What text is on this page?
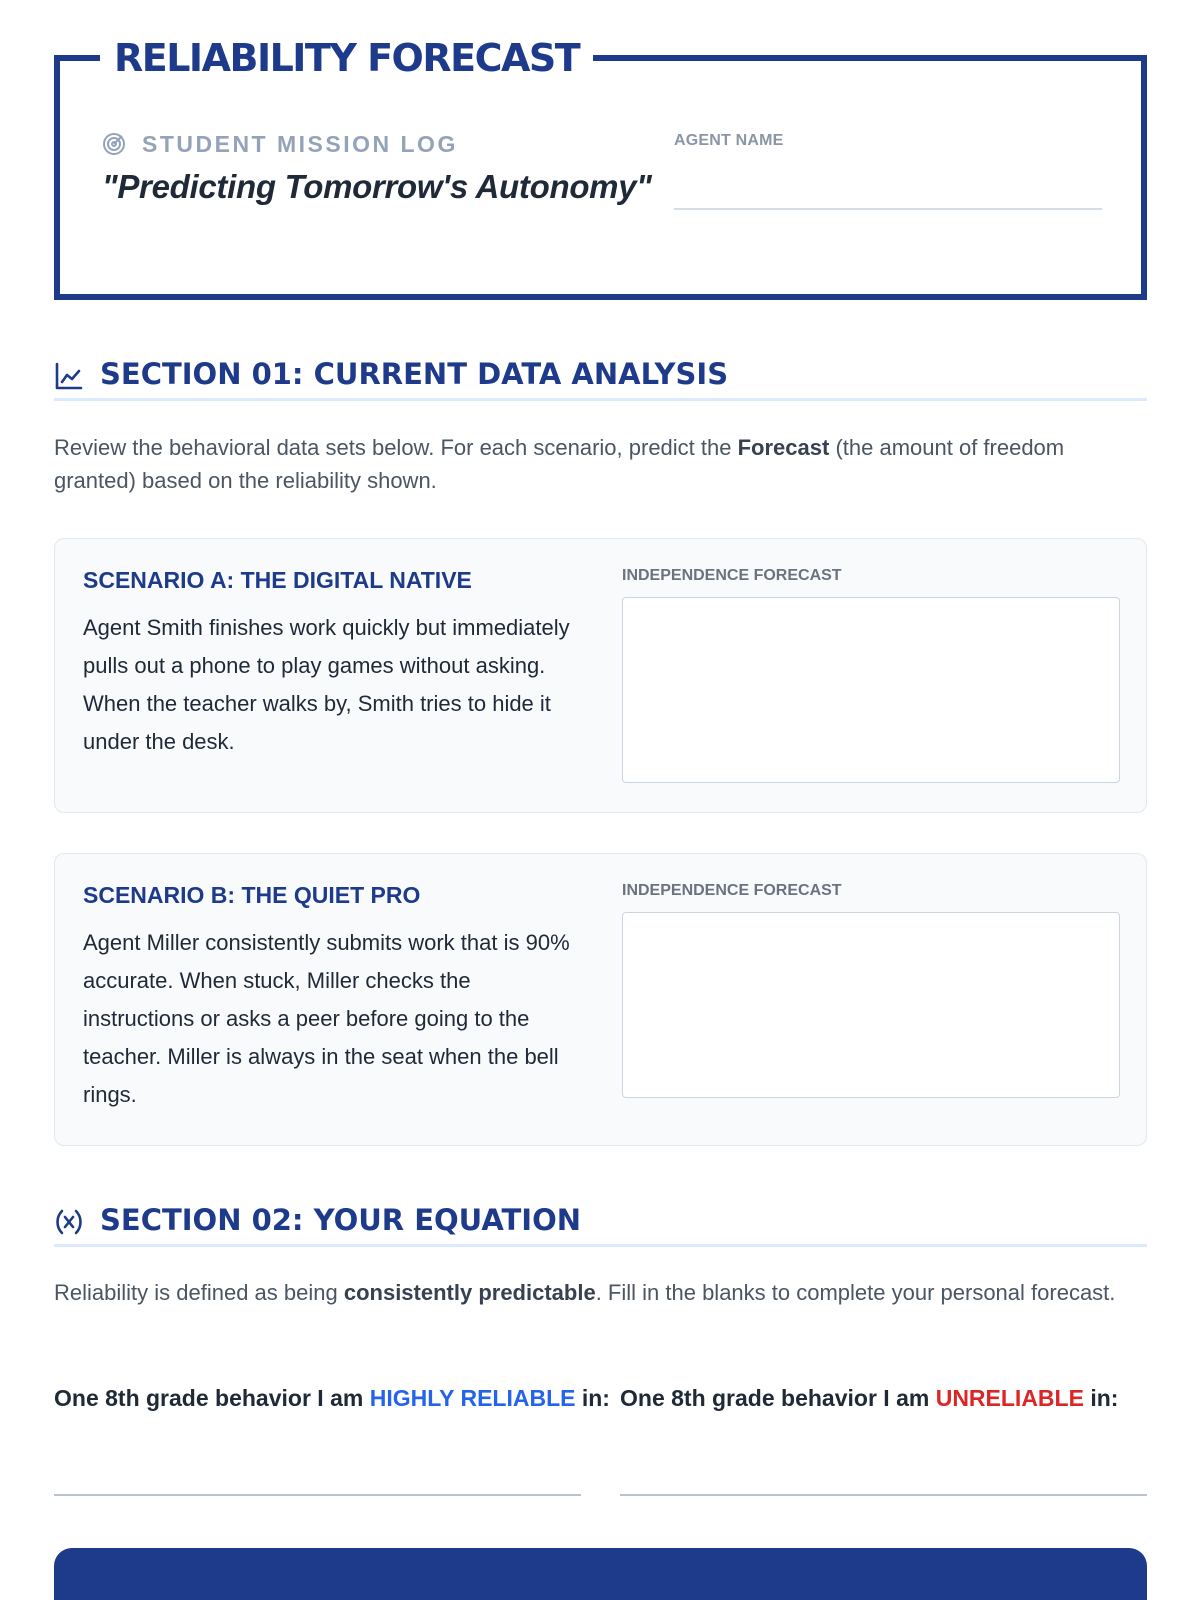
RELIABILITY FORECAST
STUDENT MISSION LOG
"Predicting Tomorrow's Autonomy"
AGENT NAME
SECTION 01: CURRENT DATA ANALYSIS

Review the behavioral data sets below. For each scenario, predict the Forecast (the amount of freedom granted) based on the reliability shown.

SCENARIO A: THE DIGITAL NATIVE
Agent Smith finishes work quickly but immediately pulls out a phone to play games without asking. When the teacher walks by, Smith tries to hide it under the desk.
INDEPENDENCE FORECAST
SCENARIO B: THE QUIET PRO
Agent Miller consistently submits work that is 90% accurate. When stuck, Miller checks the instructions or asks a peer before going to the teacher. Miller is always in the seat when the bell rings.
INDEPENDENCE FORECAST
SECTION 02: YOUR EQUATION

Reliability is defined as being consistently predictable. Fill in the blanks to complete your personal forecast.

One 8th grade behavior I am HIGHLY RELIABLE in: One 8th grade behavior I am UNRELIABLE in:
